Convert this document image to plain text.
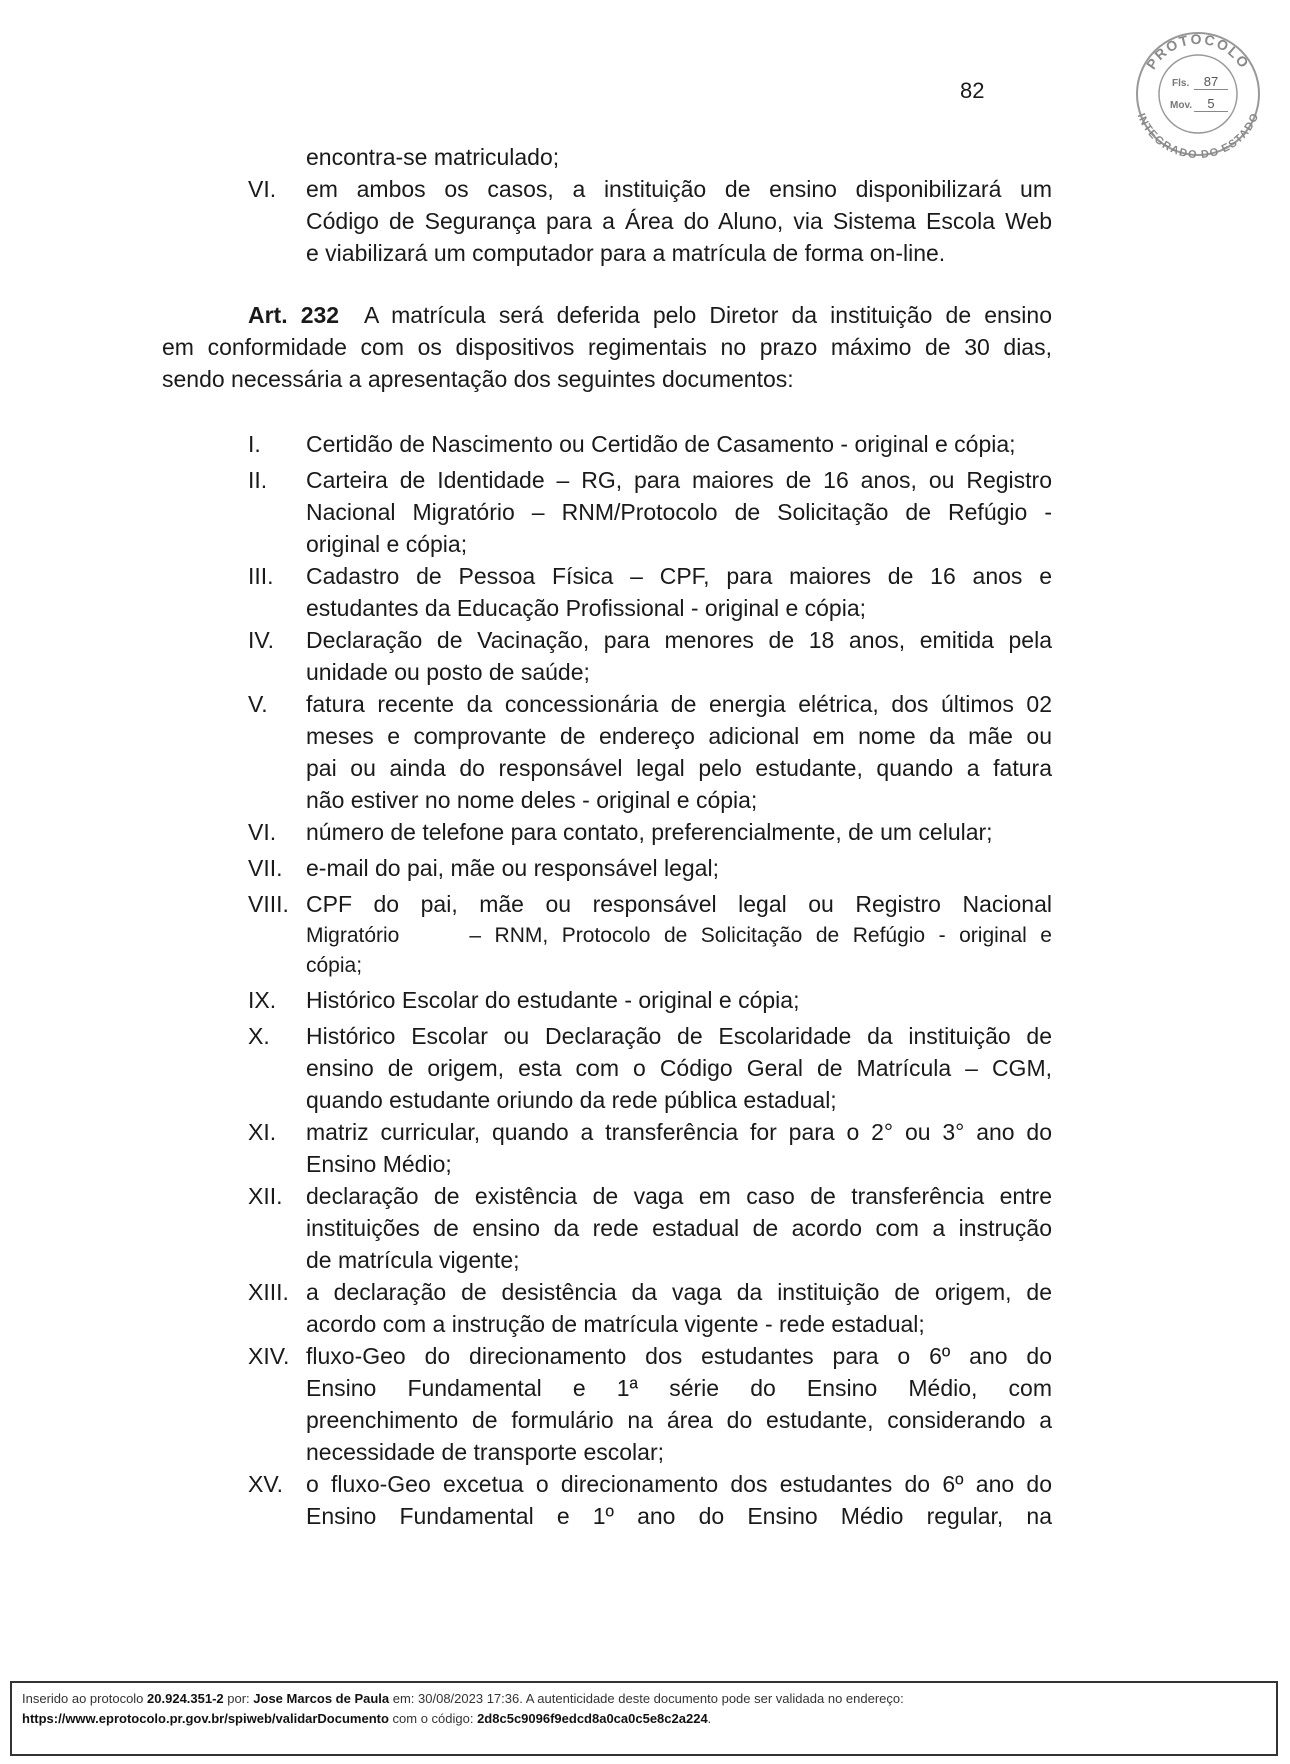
82
PROTOCOLO
INTEGRADO DO ESTADO
Fls.	87
Mov.	5
encontra-se matriculado;
VI. em ambos os casos, a instituição de ensino disponibilizará um
Código de Segurança para a Área do Aluno, via Sistema Escola Web
e viabilizará um computador para a matrícula de forma on-line.
Art. 232 A matrícula será deferida pelo Diretor da instituição de ensino
em conformidade com os dispositivos regimentais no prazo máximo de 30 dias,
sendo necessária a apresentação dos seguintes documentos:
I. Certidão de Nascimento ou Certidão de Casamento - original e cópia;
II. Carteira de Identidade – RG, para maiores de 16 anos, ou Registro
Nacional Migratório – RNM/Protocolo de Solicitação de Refúgio -
original e cópia;
III. Cadastro de Pessoa Física – CPF, para maiores de 16 anos e
estudantes da Educação Profissional - original e cópia;
IV. Declaração de Vacinação, para menores de 18 anos, emitida pela
unidade ou posto de saúde;
V. fatura recente da concessionária de energia elétrica, dos últimos 02
meses e comprovante de endereço adicional em nome da mãe ou
pai ou ainda do responsável legal pelo estudante, quando a fatura
não estiver no nome deles - original e cópia;
VI. número de telefone para contato, preferencialmente, de um celular;
VII. e-mail do pai, mãe ou responsável legal;
VIII. CPF do pai, mãe ou responsável legal ou Registro Nacional
Migratório	– RNM, Protocolo de Solicitação de Refúgio - original e
cópia;
IX. Histórico Escolar do estudante - original e cópia;
X. Histórico Escolar ou Declaração de Escolaridade da instituição de
ensino de origem, esta com o Código Geral de Matrícula – CGM,
quando estudante oriundo da rede pública estadual;
XI. matriz curricular, quando a transferência for para o 2° ou 3° ano do
Ensino Médio;
XII. declaração de existência de vaga em caso de transferência entre
instituições de ensino da rede estadual de acordo com a instrução
de matrícula vigente;
XIII. a declaração de desistência da vaga da instituição de origem, de
acordo com a instrução de matrícula vigente - rede estadual;
XIV. fluxo-Geo do direcionamento dos estudantes para o 6º ano do
Ensino Fundamental e 1ª série do Ensino Médio, com
preenchimento de formulário na área do estudante, considerando a
necessidade de transporte escolar;
XV. o fluxo-Geo excetua o direcionamento dos estudantes do 6º ano do
Ensino Fundamental e 1º ano do Ensino Médio regular, na
Inserido ao protocolo 20.924.351-2 por: Jose Marcos de Paula em: 30/08/2023 17:36. A autenticidade deste documento pode ser validada no endereço:
https://www.eprotocolo.pr.gov.br/spiweb/validarDocumento com o código: 2d8c5c9096f9edcd8a0ca0c5e8c2a224.
